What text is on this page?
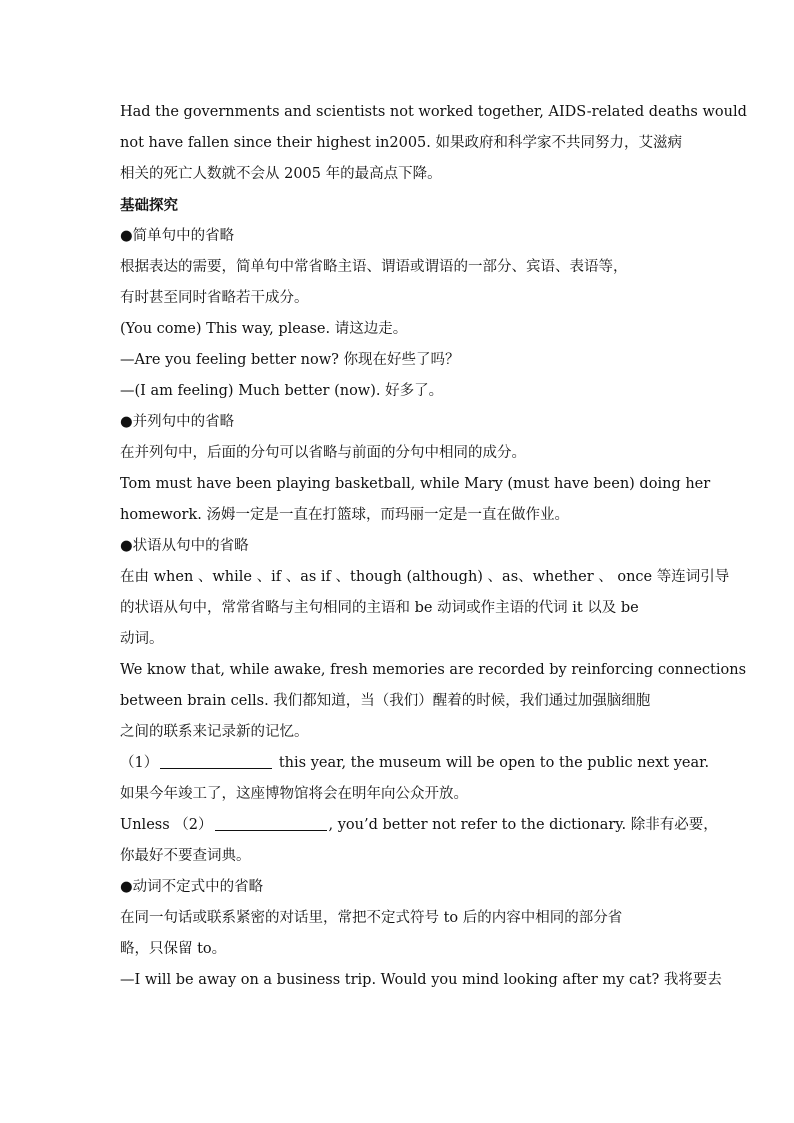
Had the governments and scientists not worked together, AIDS-related deaths would
not have fallen since their highest in2005. 如果政府和科学家不共同努力，艾滋病
相关的死亡人数就不会从 2005 年的最高点下降。
基础探究
●简单句中的省略
根据表达的需要，简单句中常省略主语、谓语或谓语的一部分、宾语、表语等，
有时甚至同时省略若干成分。
(You come) This way, please. 请这边走。
—Are you feeling better now? 你现在好些了吗？
—(I am feeling) Much better (now). 好多了。
●并列句中的省略
在并列句中，后面的分句可以省略与前面的分句中相同的成分。
Tom must have been playing basketball, while Mary (must have been) doing her
homework. 汤姆一定是一直在打篮球，而玛丽一定是一直在做作业。
●状语从句中的省略
在由 when 、while 、if 、as if 、though (although) 、as、whether 、 once 等连词引导
的状语从句中，常常省略与主句相同的主语和 be 动词或作主语的代词 it 以及 be
动词。
We know that, while awake, fresh memories are recorded by reinforcing connections
between brain cells. 我们都知道，当（我们）醒着的时候，我们通过加强脑细胞
之间的联系来记录新的记忆。
（1）	this year, the museum will be open to the public next year.
如果今年竣工了，这座博物馆将会在明年向公众开放。
Unless （2）	, you’d better not refer to the dictionary. 除非有必要，
你最好不要查词典。
●动词不定式中的省略
在同一句话或联系紧密的对话里，常把不定式符号 to 后的内容中相同的部分省
略，只保留 to。
—I will be away on a business trip. Would you mind looking after my cat? 我将要去
